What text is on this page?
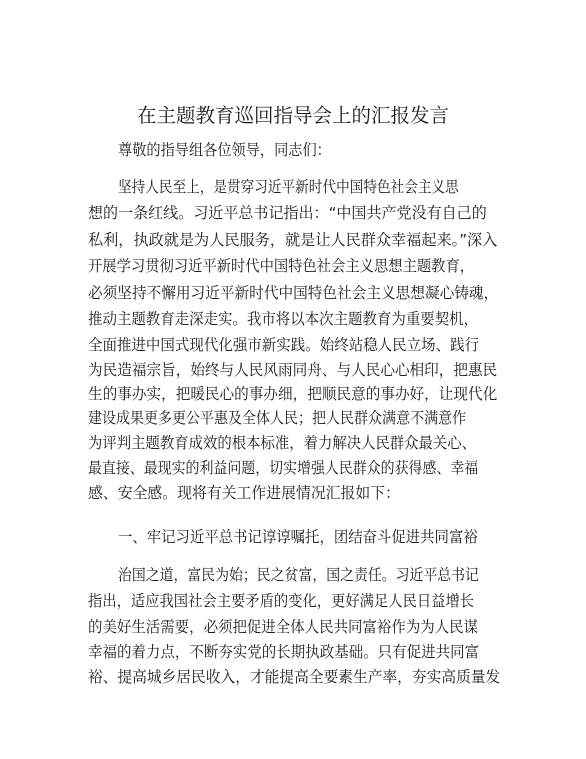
在主题教育巡回指导会上的汇报发言
尊敬的指导组各位领导，同志们：
坚持人民至上，是贯穿习近平新时代中国特色社会主义思
想的一条红线。习近平总书记指出：“中国共产党没有自己的
私利，执政就是为人民服务，就是让人民群众幸福起来。”深入
开展学习贯彻习近平新时代中国特色社会主义思想主题教育，
必须坚持不懈用习近平新时代中国特色社会主义思想凝心铸魂，
推动主题教育走深走实。我市将以本次主题教育为重要契机，
全面推进中国式现代化强市新实践。始终站稳人民立场、践行
为民造福宗旨，始终与人民风雨同舟、与人民心心相印，把惠民
生的事办实，把暖民心的事办细，把顺民意的事办好，让现代化
建设成果更多更公平惠及全体人民；把人民群众满意不满意作
为评判主题教育成效的根本标准，着力解决人民群众最关心、
最直接、最现实的利益问题，切实增强人民群众的获得感、幸福
感、安全感。现将有关工作进展情况汇报如下：
一、牢记习近平总书记谆谆嘱托，团结奋斗促进共同富裕
治国之道，富民为始；民之贫富，国之责任。习近平总书记
指出，适应我国社会主要矛盾的变化，更好满足人民日益增长
的美好生活需要，必须把促进全体人民共同富裕作为为人民谋
幸福的着力点，不断夯实党的长期执政基础。只有促进共同富
裕、提高城乡居民收入，才能提高全要素生产率，夯实高质量发
